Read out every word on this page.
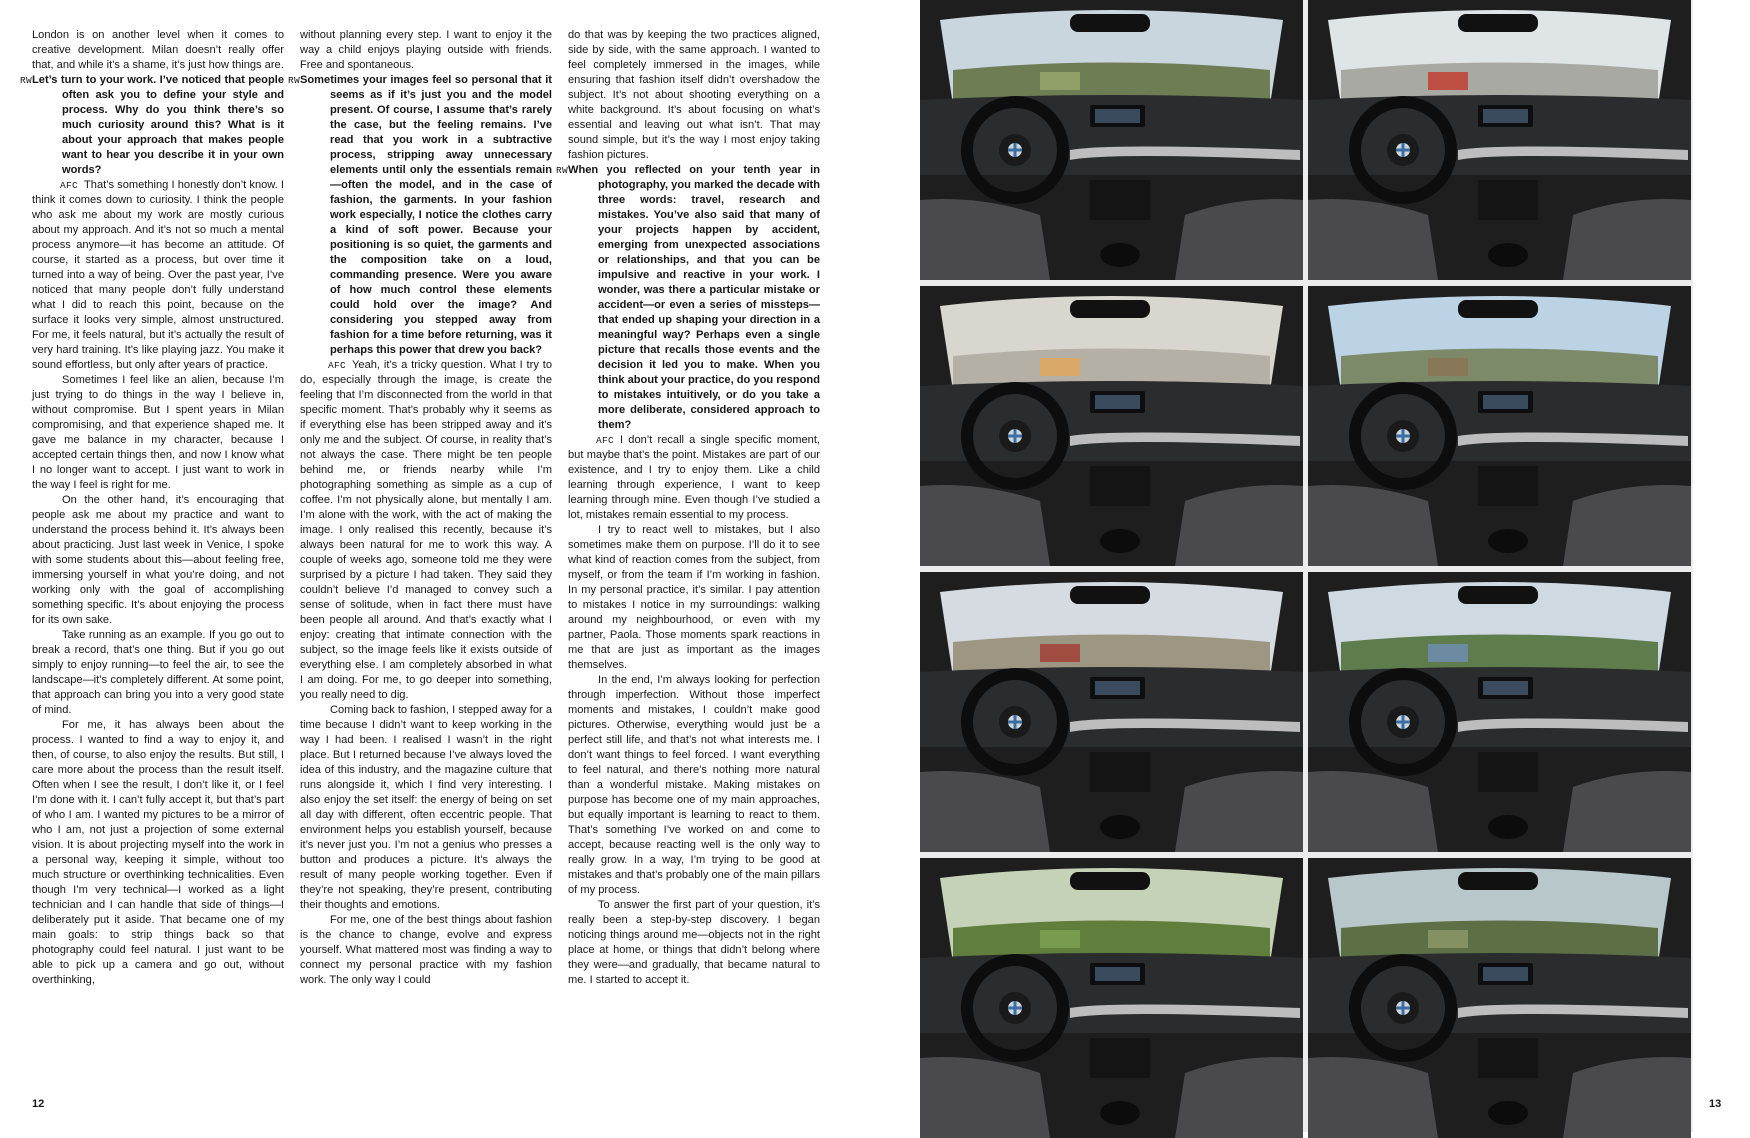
London is on another level when it comes to creative development. Milan doesn’t really offer that, and while it’s a shame, it’s just how things are.

RWLet’s turn to your work. I’ve noticed that people often ask you to define your style and process. Why do you think there’s so much curiosity around this? What is it about your approach that makes people want to hear you describe it in your own words?

AFC That’s something I honestly don’t know. I think it comes down to curiosity. I think the people who ask me about my work are mostly curious about my approach. And it’s not so much a mental process anymore—it has become an attitude. Of course, it started as a process, but over time it turned into a way of being. Over the past year, I’ve noticed that many people don’t fully understand what I did to reach this point, because on the surface it looks very simple, almost unstructured. For me, it feels natural, but it’s actually the result of very hard training. It’s like playing jazz. You make it sound effortless, but only after years of practice.

Sometimes I feel like an alien, because I’m just trying to do things in the way I believe in, without compromise. But I spent years in Milan compromising, and that experience shaped me. It gave me balance in my character, because I accepted certain things then, and now I know what I no longer want to accept. I just want to work in the way I feel is right for me.

On the other hand, it’s encouraging that people ask me about my practice and want to understand the process behind it. It’s always been about practicing. Just last week in Venice, I spoke with some students about this—about feeling free, immersing yourself in what you’re doing, and not working only with the goal of accomplishing something specific. It’s about enjoying the process for its own sake.

Take running as an example. If you go out to break a record, that’s one thing. But if you go out simply to enjoy running—to feel the air, to see the landscape—it’s completely different. At some point, that approach can bring you into a very good state of mind.

For me, it has always been about the process. I wanted to find a way to enjoy it, and then, of course, to also enjoy the results. But still, I care more about the process than the result itself. Often when I see the result, I don’t like it, or I feel I’m done with it. I can’t fully accept it, but that’s part of who I am. I wanted my pictures to be a mirror of who I am, not just a projection of some external vision. It is about projecting myself into the work in a personal way, keeping it simple, without too much structure or overthinking technicalities. Even though I’m very technical—I worked as a light technician and I can handle that side of things—I deliberately put it aside. That became one of my main goals: to strip things back so that photography could feel natural. I just want to be able to pick up a camera and go out, without overthinking,

without planning every step. I want to enjoy it the way a child enjoys playing outside with friends. Free and spontaneous.

RWSometimes your images feel so personal that it seems as if it’s just you and the model present. Of course, I assume that’s rarely the case, but the feeling remains. I’ve read that you work in a subtractive process, stripping away unnecessary elements until only the essentials remain—often the model, and in the case of fashion, the garments. In your fashion work especially, I notice the clothes carry a kind of soft power. Because your positioning is so quiet, the garments and the composition take on a loud, commanding presence. Were you aware of how much control these elements could hold over the image? And considering you stepped away from fashion for a time before returning, was it perhaps this power that drew you back?

AFC Yeah, it’s a tricky question. What I try to do, especially through the image, is create the feeling that I’m disconnected from the world in that specific moment. That’s probably why it seems as if everything else has been stripped away and it’s only me and the subject. Of course, in reality that’s not always the case. There might be ten people behind me, or friends nearby while I’m photographing something as simple as a cup of coffee. I’m not physically alone, but mentally I am. I’m alone with the work, with the act of making the image. I only realised this recently, because it’s always been natural for me to work this way. A couple of weeks ago, someone told me they were surprised by a picture I had taken. They said they couldn’t believe I’d managed to convey such a sense of solitude, when in fact there must have been people all around. And that’s exactly what I enjoy: creating that intimate connection with the subject, so the image feels like it exists outside of everything else. I am completely absorbed in what I am doing. For me, to go deeper into something, you really need to dig.

Coming back to fashion, I stepped away for a time because I didn’t want to keep working in the way I had been. I realised I wasn’t in the right place. But I returned because I’ve always loved the idea of this industry, and the magazine culture that runs alongside it, which I find very interesting. I also enjoy the set itself: the energy of being on set all day with different, often eccentric people. That environment helps you establish yourself, because it’s never just you. I’m not a genius who presses a button and produces a picture. It’s always the result of many people working together. Even if they’re not speaking, they’re present, contributing their thoughts and emotions.

For me, one of the best things about fashion is the chance to change, evolve and express yourself. What mattered most was finding a way to connect my personal practice with my fashion work. The only way I could

do that was by keeping the two practices aligned, side by side, with the same approach. I wanted to feel completely immersed in the images, while ensuring that fashion itself didn’t overshadow the subject. It’s not about shooting everything on a white background. It’s about focusing on what’s essential and leaving out what isn’t. That may sound simple, but it’s the way I most enjoy taking fashion pictures.

RWWhen you reflected on your tenth year in photography, you marked the decade with three words: travel, research and mistakes. You’ve also said that many of your projects happen by accident, emerging from unexpected associations or relationships, and that you can be impulsive and reactive in your work. I wonder, was there a particular mistake or accident—or even a series of missteps—that ended up shaping your direction in a meaningful way? Perhaps even a single picture that recalls those events and the decision it led you to make. When you think about your practice, do you respond to mistakes intuitively, or do you take a more deliberate, considered approach to them?

AFC I don’t recall a single specific moment, but maybe that’s the point. Mistakes are part of our existence, and I try to enjoy them. Like a child learning through experience, I want to keep learning through mine. Even though I’ve studied a lot, mistakes remain essential to my process.

I try to react well to mistakes, but I also sometimes make them on purpose. I’ll do it to see what kind of reaction comes from the subject, from myself, or from the team if I’m working in fashion. In my personal practice, it’s similar. I pay attention to mistakes I notice in my surroundings: walking around my neighbourhood, or even with my partner, Paola. Those moments spark reactions in me that are just as important as the images themselves.

In the end, I’m always looking for perfection through imperfection. Without those imperfect moments and mistakes, I couldn’t make good pictures. Otherwise, everything would just be a perfect still life, and that’s not what interests me. I don’t want things to feel forced. I want everything to feel natural, and there’s nothing more natural than a wonderful mistake. Making mistakes on purpose has become one of my main approaches, but equally important is learning to react to them. That’s something I’ve worked on and come to accept, because reacting well is the only way to really grow. In a way, I’m trying to be good at mistakes and that’s probably one of the main pillars of my process.

To answer the first part of your question, it’s really been a step-by-step discovery. I began noticing things around me—objects not in the right place at home, or things that didn’t belong where they were—and gradually, that became natural to me. I started to accept it.

12	13
